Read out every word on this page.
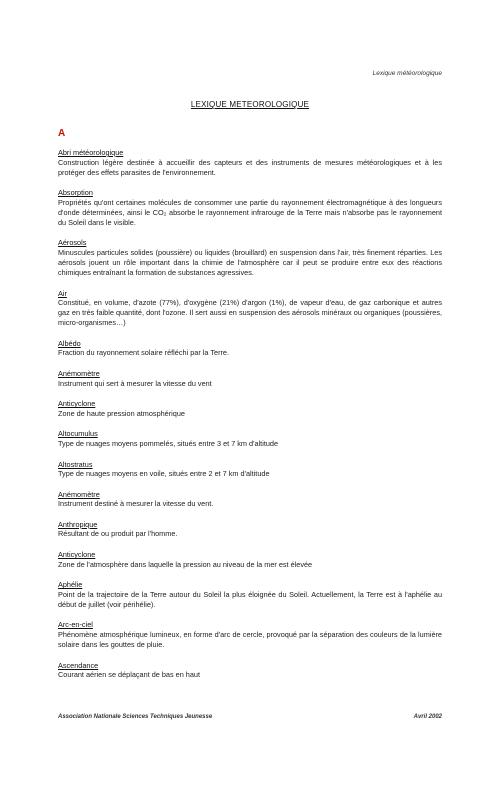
Lexique météorologique
LEXIQUE METEOROLOGIQUE
A
Abri météorologique
Construction légère destinée à accueillir des capteurs et des instruments de mesures météorologiques et à les protéger des effets parasites de l'environnement.
Absorption
Propriétés qu'ont certaines molécules de consommer une partie du rayonnement électromagnétique à des longueurs d'onde déterminées, ainsi le CO₂ absorbe le rayonnement infrarouge de la Terre mais n'absorbe pas le rayonnement du Soleil dans le visible.
Aérosols
Minuscules particules solides (poussière) ou liquides (brouillard) en suspension dans l'air, très finement réparties. Les aérosols jouent un rôle important dans la chimie de l'atmosphère car il peut se produire entre eux des réactions chimiques entraînant la formation de substances agressives.
Air
Constitué, en volume, d'azote (77%), d'oxygène (21%) d'argon (1%), de vapeur d'eau, de gaz carbonique et autres gaz en très faible quantité, dont l'ozone. Il sert aussi en suspension des aérosols minéraux ou organiques (poussières, micro-organismes…)
Albédo
Fraction du rayonnement solaire réfléchi par la Terre.
Anémomètre
Instrument qui sert à mesurer la vitesse du vent
Anticyclone
Zone de haute pression atmosphérique
Altocumulus
Type de nuages moyens pommelés, situés entre 3 et 7 km d'altitude
Altostratus
Type de nuages moyens en voile, situés entre 2 et 7 km d'altitude
Anémomètre
Instrument destiné à mesurer la vitesse du vent.
Anthropique
Résultant de ou produit par l'homme.
Anticyclone
Zone de l'atmosphère dans laquelle la pression au niveau de la mer est élevée
Aphélie
Point de la trajectoire de la Terre autour du Soleil la plus éloignée du Soleil. Actuellement, la Terre est à l'aphélie au début de juillet (voir périhélie).
Arc-en-ciel
Phénomène atmosphérique lumineux, en forme d'arc de cercle, provoqué par la séparation des couleurs de la lumière solaire dans les gouttes de pluie.
Ascendance
Courant aérien se déplaçant de bas en haut
Association Nationale Sciences Techniques Jeunesse	Avril 2002
